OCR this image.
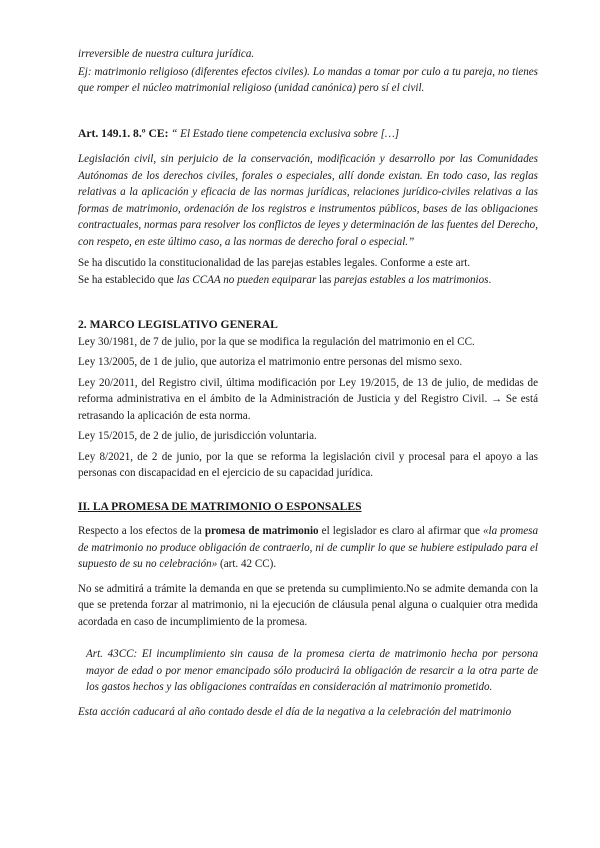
irreversible de nuestra cultura jurídica.

Ej: matrimonio religioso (diferentes efectos civiles). Lo mandas a tomar por culo a tu pareja, no tienes que romper el núcleo matrimonial religioso (unidad canónica) pero sí el civil.

Art. 149.1. 8.º CE: “ El Estado tiene competencia exclusiva sobre […]

Legislación civil, sin perjuicio de la conservación, modificación y desarrollo por las Comunidades Autónomas de los derechos civiles, forales o especiales, allí donde existan. En todo caso, las reglas relativas a la aplicación y eficacia de las normas jurídicas, relaciones jurídico-civiles relativas a las formas de matrimonio, ordenación de los registros e instrumentos públicos, bases de las obligaciones contractuales, normas para resolver los conflictos de leyes y determinación de las fuentes del Derecho, con respeto, en este último caso, a las normas de derecho foral o especial.”

Se ha discutido la constitucionalidad de las parejas estables legales. Conforme a este art.

Se ha establecido que las CCAA no pueden equiparar las parejas estables a los matrimonios.

2. MARCO LEGISLATIVO GENERAL

Ley 30/1981, de 7 de julio, por la que se modifica la regulación del matrimonio en el CC.

Ley 13/2005, de 1 de julio, que autoriza el matrimonio entre personas del mismo sexo.

Ley 20/2011, del Registro civil, última modificación por Ley 19/2015, de 13 de julio, de medidas de reforma administrativa en el ámbito de la Administración de Justicia y del Registro Civil. → Se está retrasando la aplicación de esta norma.

Ley 15/2015, de 2 de julio, de jurisdicción voluntaria.

Ley 8/2021, de 2 de junio, por la que se reforma la legislación civil y procesal para el apoyo a las personas con discapacidad en el ejercicio de su capacidad jurídica.

II. LA PROMESA DE MATRIMONIO O ESPONSALES

Respecto a los efectos de la promesa de matrimonio el legislador es claro al afirmar que «la promesa de matrimonio no produce obligación de contraerlo, ni de cumplir lo que se hubiere estipulado para el supuesto de su no celebración» (art. 42 CC).

No se admitirá a trámite la demanda en que se pretenda su cumplimiento.No se admite demanda con la que se pretenda forzar al matrimonio, ni la ejecución de cláusula penal alguna o cualquier otra medida acordada en caso de incumplimiento de la promesa.

Art. 43CC: El incumplimiento sin causa de la promesa cierta de matrimonio hecha por persona mayor de edad o por menor emancipado sólo producirá la obligación de resarcir a la otra parte de los gastos hechos y las obligaciones contraídas en consideración al matrimonio prometido.

Esta acción caducará al año contado desde el día de la negativa a la celebración del matrimonio
